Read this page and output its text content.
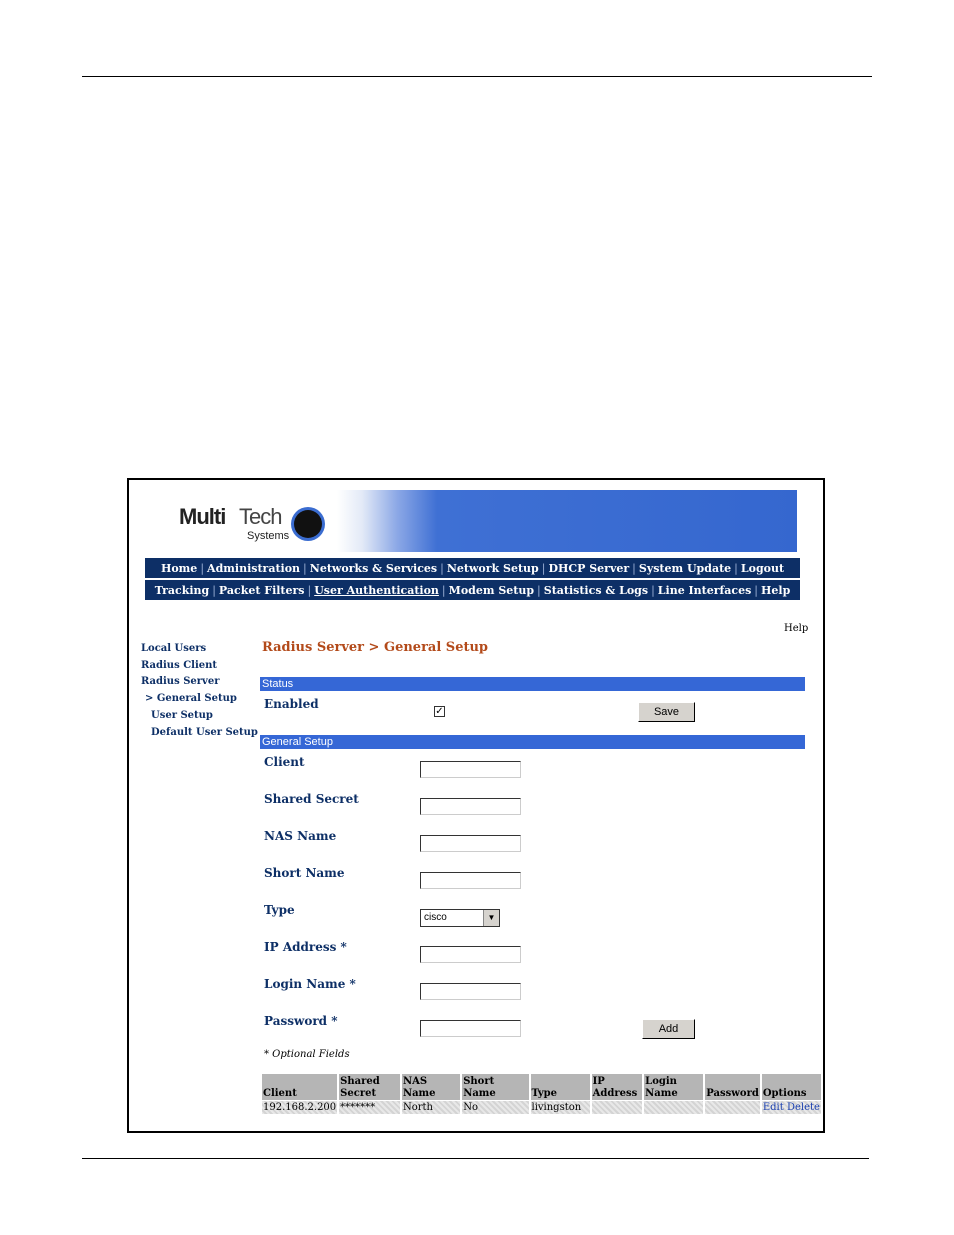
Multi Tech
Systems
Home | Administration | Networks & Services | Network Setup | DHCP Server | System Update | Logout
Tracking | Packet Filters | User Authentication | Modem Setup | Statistics & Logs | Line Interfaces | Help
Help
Local Users
Radius Client
Radius Server
> General Setup
User Setup
Default User Setup
Radius Server > General Setup
Status
Enabled
✓	Save
General Setup
Client
Shared Secret
NAS Name
Short Name
Type
cisco	▼
IP Address *
Login Name *
Password *
Add
* Optional Fields
Client	Shared Secret	NAS Name	Short Name	Type	IP Address	Login Name	Password	Options
192.168.2.200	*******	North	No	livingston				Edit Delete
